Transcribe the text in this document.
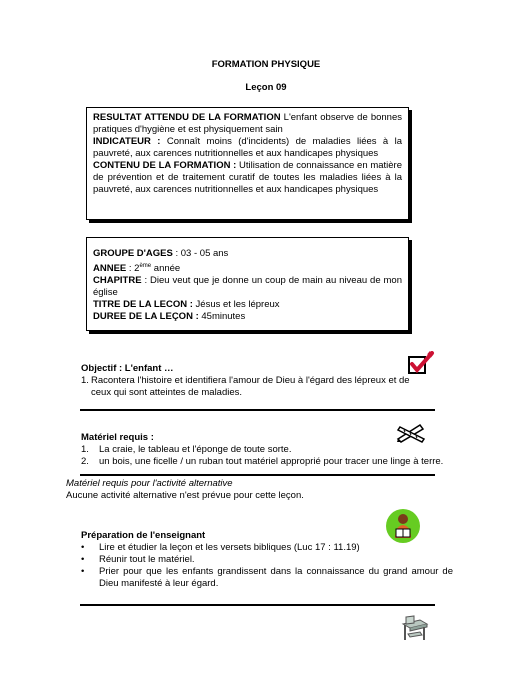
FORMATION PHYSIQUE
Leçon 09

RESULTAT ATTENDU DE LA FORMATION L'enfant observe de bonnes pratiques d'hygiène et est physiquement sain

INDICATEUR : Connaît moins (d'incidents) de maladies liées à la pauvreté, aux carences nutritionnelles et aux handicapes physiques

CONTENU DE LA FORMATION : Utilisation de connaissance en matière de prévention et de traitement curatif de toutes les maladies liées à la pauvreté, aux carences nutritionnelles et aux handicapes physiques

GROUPE D'AGES : 03 - 05 ans

ANNEE : 2ème année

CHAPITRE : Dieu veut que je donne un coup de main au niveau de mon église

TITRE DE LA LECON : Jésus et les lépreux

DUREE DE LA LEÇON : 45minutes

Objectif : L'enfant …
1. Racontera l'histoire et identifiera l'amour de Dieu à l'égard des lépreux et de ceux qui sont atteintes de maladies.
Matériel requis :
1. La craie, le tableau et l'éponge de toute sorte.
2. un bois, une ficelle / un ruban tout matériel approprié pour tracer une linge à terre.
Matériel requis pour l'activité alternative
Aucune activité alternative n'est prévue pour cette leçon.
Préparation de l'enseignant
• Lire et étudier la leçon et les versets bibliques (Luc 17 : 11.19)
• Réunir tout le matériel.
• Prier pour que les enfants grandissent dans la connaissance du grand amour de Dieu manifesté à leur égard.
